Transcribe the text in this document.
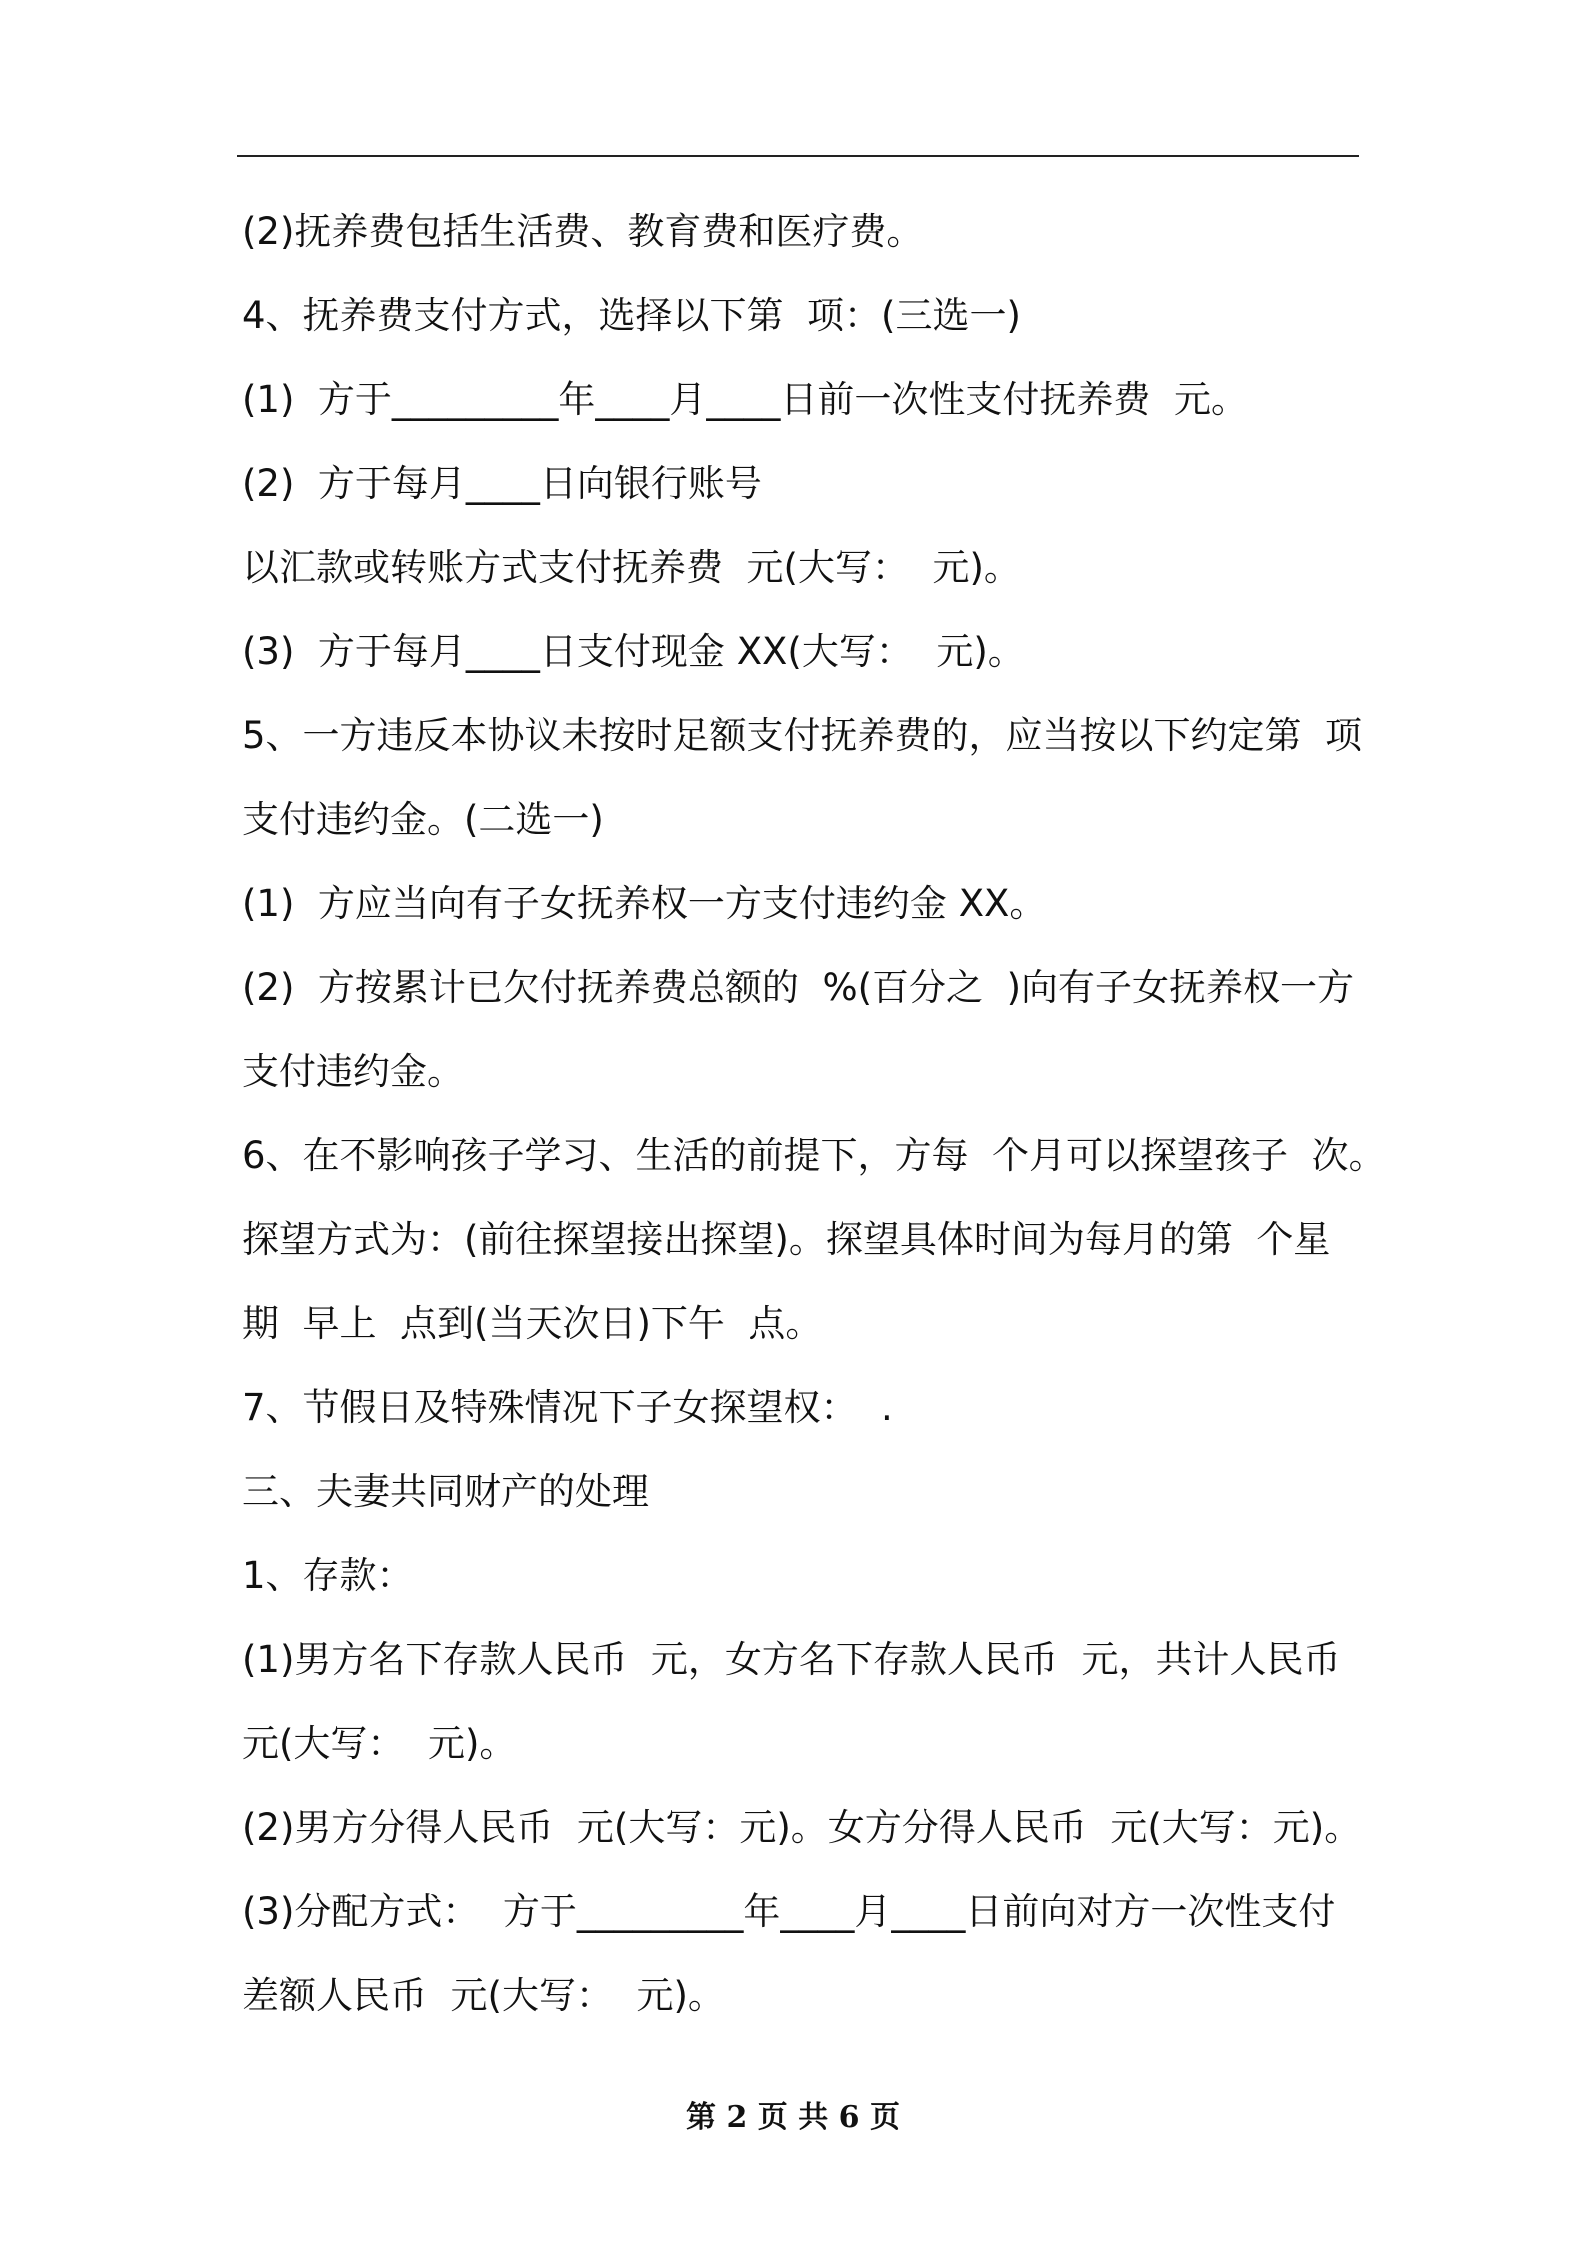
(2)抚养费包括生活费、教育费和医疗费。
4、抚养费支付方式，选择以下第  项：(三选一)
(1)  方于_________年____月____日前一次性支付抚养费  元。
(2)  方于每月____日向银行账号
以汇款或转账方式支付抚养费  元(大写：  元)。
(3)  方于每月____日支付现金 XX(大写：  元)。
5、一方违反本协议未按时足额支付抚养费的，应当按以下约定第  项
支付违约金。(二选一)
(1)  方应当向有子女抚养权一方支付违约金 XX。
(2)  方按累计已欠付抚养费总额的  %(百分之  )向有子女抚养权一方
支付违约金。
6、在不影响孩子学习、生活的前提下，方每  个月可以探望孩子  次。
探望方式为：(前往探望接出探望)。探望具体时间为每月的第  个星
期  早上  点到(当天次日)下午  点。
7、节假日及特殊情况下子女探望权：  .
三、夫妻共同财产的处理
1、存款：
(1)男方名下存款人民币  元，女方名下存款人民币  元，共计人民币
元(大写：  元)。
(2)男方分得人民币  元(大写：元)。女方分得人民币  元(大写：元)。
(3)分配方式：  方于_________年____月____日前向对方一次性支付
差额人民币  元(大写：  元)。
第 2 页 共 6 页
